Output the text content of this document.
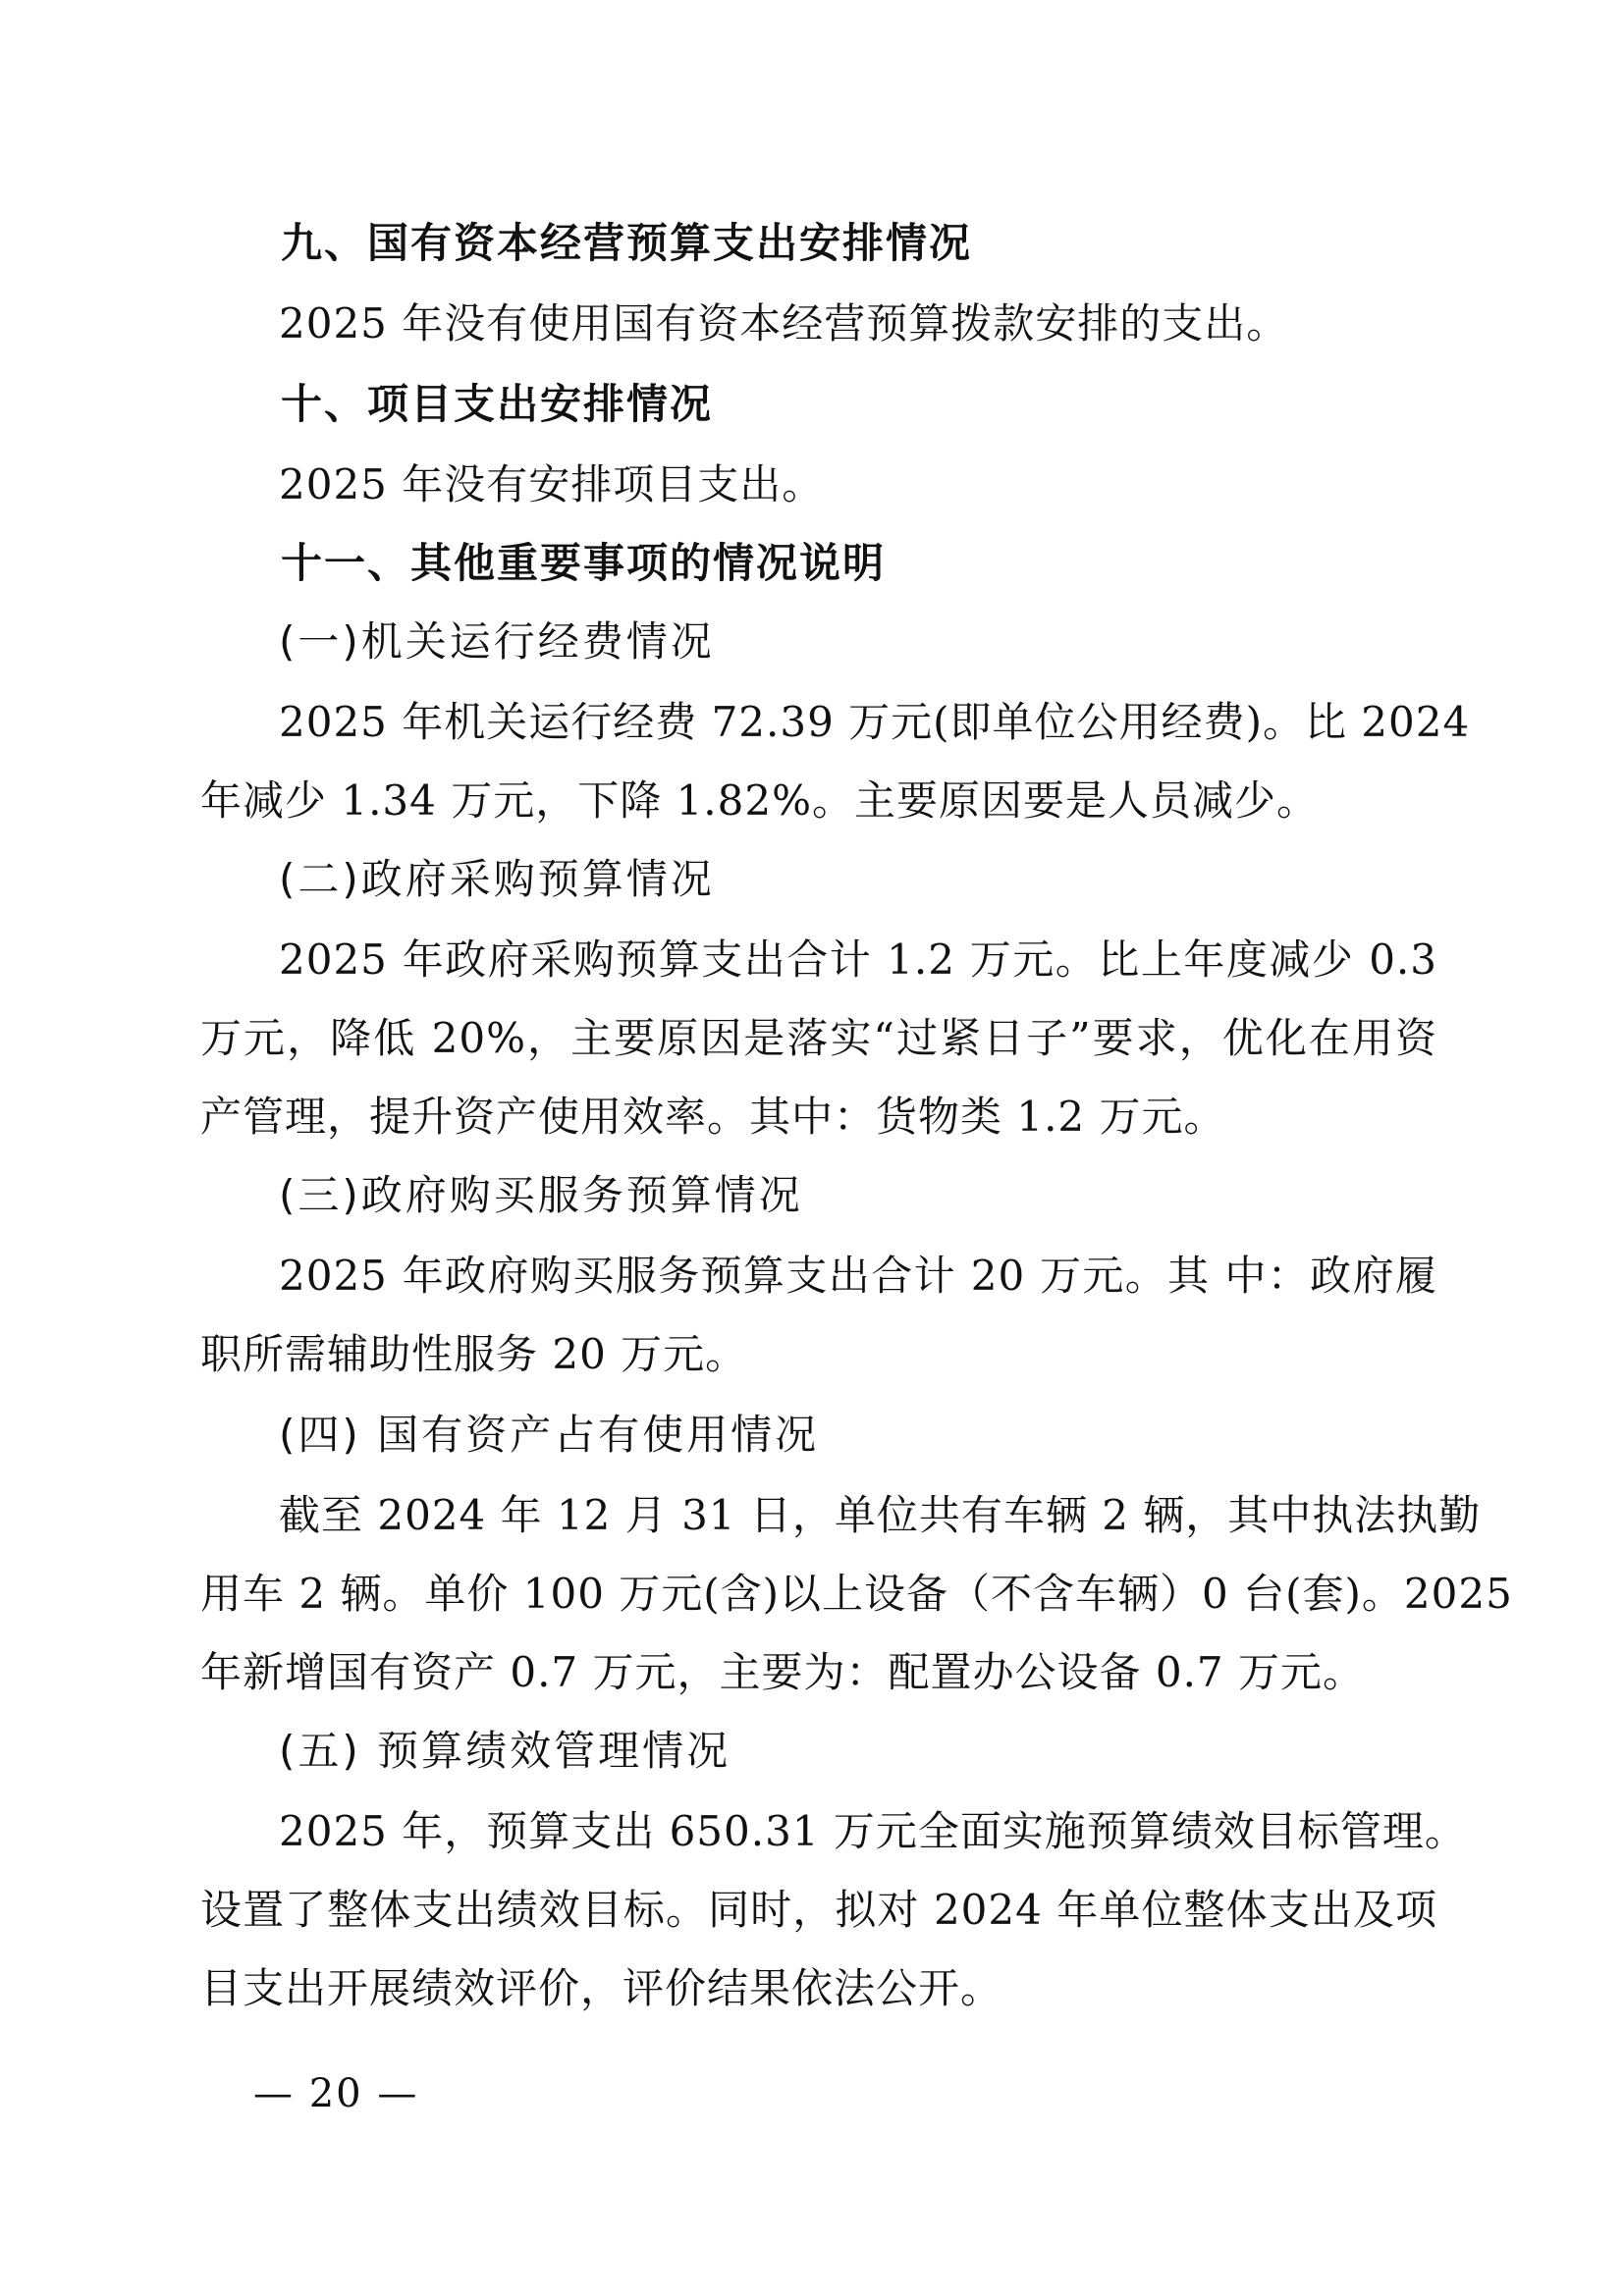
九、国有资本经营预算支出安排情况
2025 年没有使用国有资本经营预算拨款安排的支出。
十、项目支出安排情况
2025 年没有安排项目支出。
十一、其他重要事项的情况说明
(一)机关运行经费情况
2025 年机关运行经费 72.39 万元(即单位公用经费)。比 2024
年减少 1.34 万元，下降 1.82%。主要原因要是人员减少。
(二)政府采购预算情况
2025 年政府采购预算支出合计 1.2 万元。比上年度减少 0.3
万元，降低 20%，主要原因是落实“过紧日子”要求，优化在用资
产管理，提升资产使用效率。其中：货物类 1.2 万元。
(三)政府购买服务预算情况
2025 年政府购买服务预算支出合计 20 万元。其 中：政府履
职所需辅助性服务 20 万元。
(四) 国有资产占有使用情况
截至 2024 年 12 月 31 日，单位共有车辆 2 辆，其中执法执勤
用车 2 辆。单价 100 万元(含)以上设备（不含车辆）0 台(套)。2025
年新增国有资产 0.7 万元，主要为：配置办公设备 0.7 万元。
(五) 预算绩效管理情况
2025 年，预算支出 650.31 万元全面实施预算绩效目标管理。
设置了整体支出绩效目标。同时，拟对 2024 年单位整体支出及项
目支出开展绩效评价，评价结果依法公开。
— 20 —
